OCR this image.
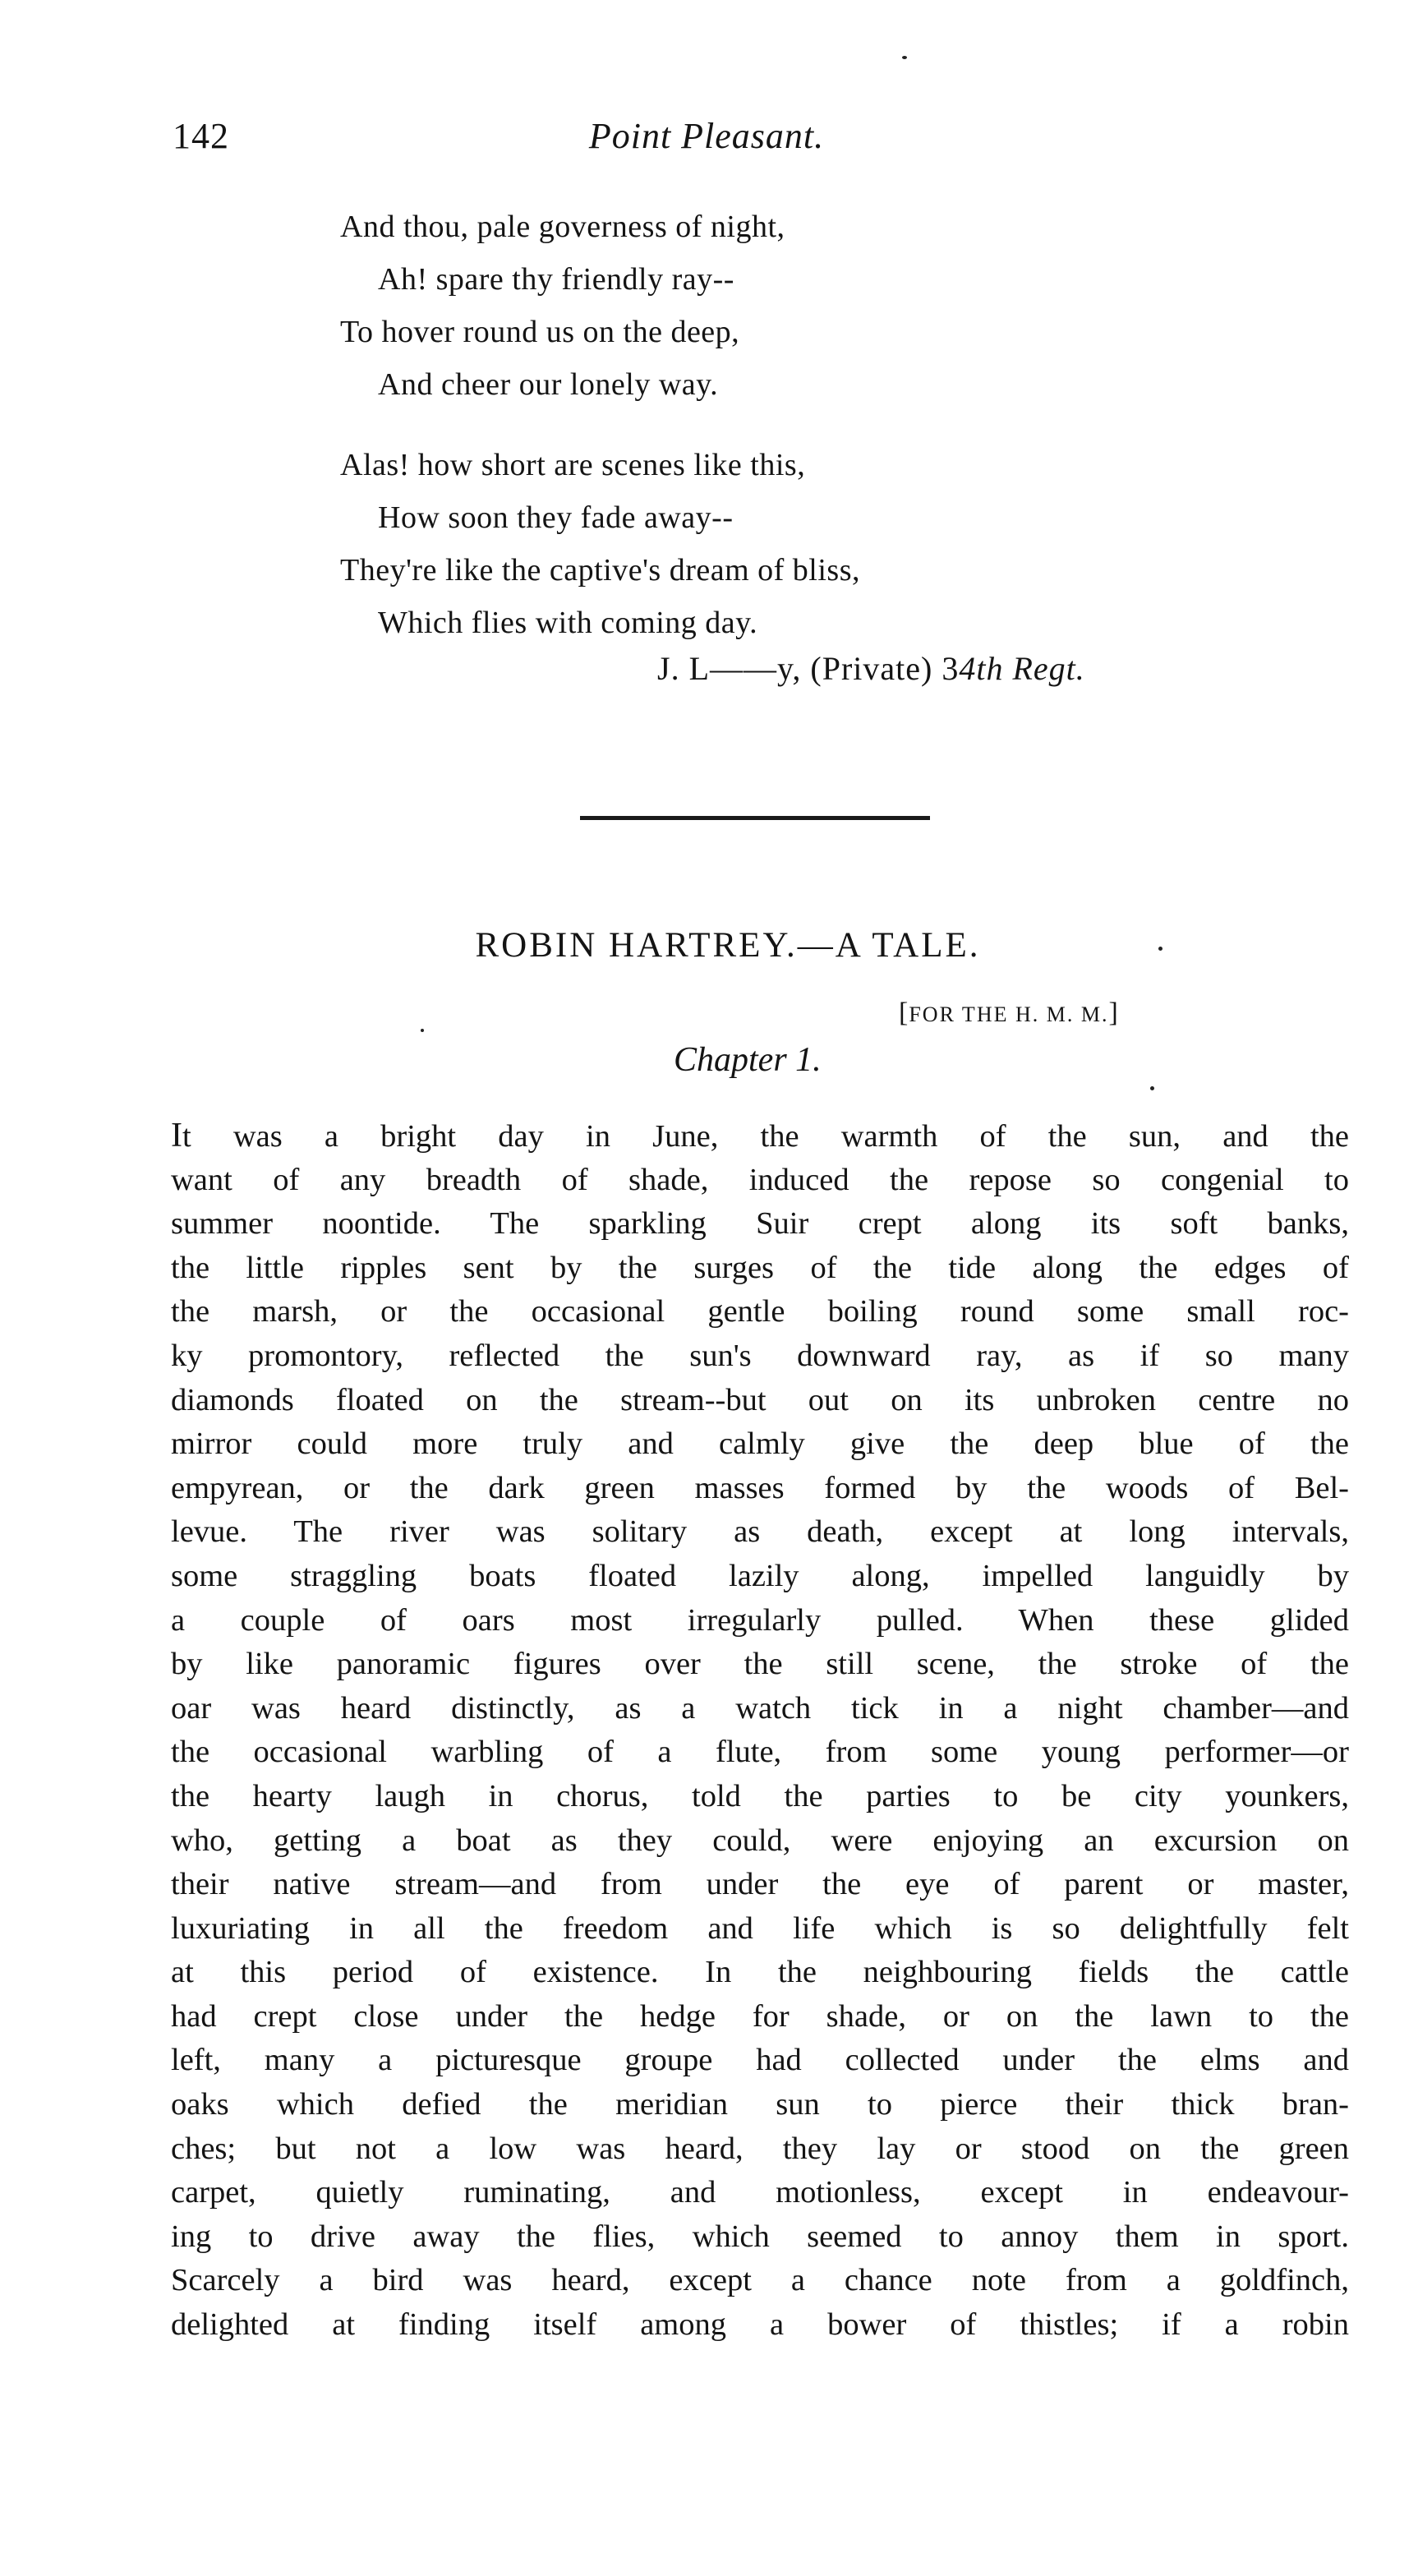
142	Point Pleasant.
And thou, pale governess of night,
Ah! spare thy friendly ray--
To hover round us on the deep,
And cheer our lonely way.
Alas! how short are scenes like this,
How soon they fade away--
They're like the captive's dream of bliss,
Which flies with coming day.
J. L——y, (Private) 34th Regt.
ROBIN HARTREY.—A TALE.
[FOR THE H. M. M.]
Chapter 1.
It was a bright day in June, the warmth of the sun, and the
want of any breadth of shade, induced the repose so congenial to
summer noontide. The sparkling Suir crept along its soft banks,
the little ripples sent by the surges of the tide along the edges of
the marsh, or the occasional gentle boiling round some small roc-
ky promontory, reflected the sun's downward ray, as if so many
diamonds floated on the stream--but out on its unbroken centre no
mirror could more truly and calmly give the deep blue of the
empyrean, or the dark green masses formed by the woods of Bel-
levue. The river was solitary as death, except at long intervals,
some straggling boats floated lazily along, impelled languidly by
a couple of oars most irregularly pulled. When these glided
by like panoramic figures over the still scene, the stroke of the
oar was heard distinctly, as a watch tick in a night chamber—and
the occasional warbling of a flute, from some young performer—or
the hearty laugh in chorus, told the parties to be city younkers,
who, getting a boat as they could, were enjoying an excursion on
their native stream—and from under the eye of parent or master,
luxuriating in all the freedom and life which is so delightfully felt
at this period of existence. In the neighbouring fields the cattle
had crept close under the hedge for shade, or on the lawn to the
left, many a picturesque groupe had collected under the elms and
oaks which defied the meridian sun to pierce their thick bran-
ches; but not a low was heard, they lay or stood on the green
carpet, quietly ruminating, and motionless, except in endeavour-
ing to drive away the flies, which seemed to annoy them in sport.
Scarcely a bird was heard, except a chance note from a goldfinch,
delighted at finding itself among a bower of thistles; if a robin
